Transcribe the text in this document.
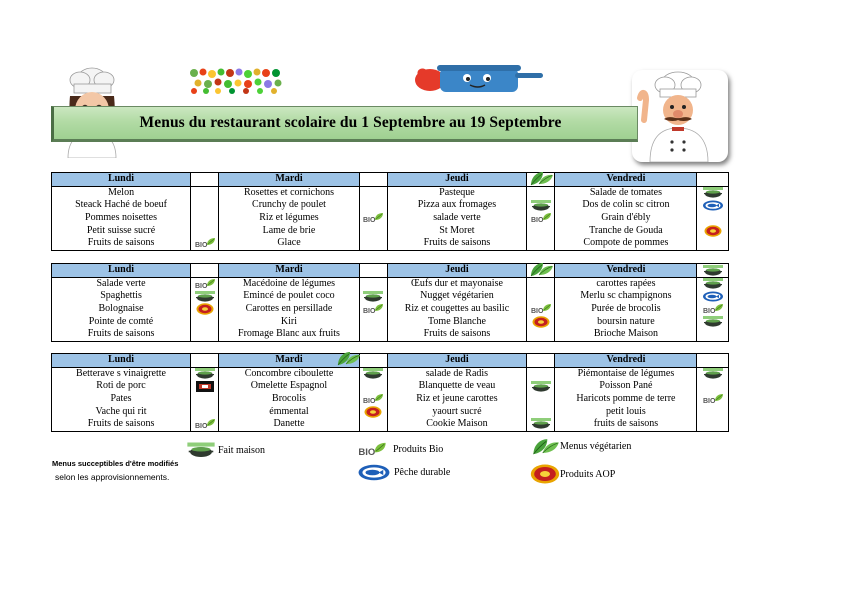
Menus du restaurant scolaire du 1 Septembre au 19 Septembre
Lundi		Mardi		Jeudi		Vendredi	
Melon		Rosettes et cornichons		Pasteque		Salade de tomates	
Steack Haché de boeuf		Crunchy de poulet		Pizza aux fromages		Dos de colin sc citron	
Pommes noisettes		Riz et légumes		salade verte		Grain d'ébly	
Petit suisse sucré		Lame de brie		St Moret		Tranche de Gouda	
Fruits de saisons		Glace		Fruits de saisons		Compote de pommes	
Lundi		Mardi		Jeudi		Vendredi	
Salade verte		Macédoine de légumes		Œufs dur et mayonaise		carottes rapées	
Spaghettis		Emincé de poulet coco		Nugget végétarien		Merlu sc champignons	
Bolognaise		Carottes en persillade		Riz et cougettes au basilic		Purée de brocolis	
Pointe de comté		Kiri		Tome Blanche		boursin nature	
Fruits de saisons		Fromage Blanc aux fruits		Fruits de saisons		Brioche Maison	
Lundi		Mardi		Jeudi		Vendredi	
Betterave s vinaigrette		Concombre ciboulette		salade de Radis		Piémontaise de légumes	
Roti de porc		Omelette Espagnol		Blanquette de veau		Poisson Pané	
Pates		Brocolis		Riz et jeune carottes		Haricots pomme de terre	
Vache qui rit		émmental		yaourt sucré		petit louis	
Fruits de saisons		Danette		Cookie Maison		fruits de saisons	
Fait maison	Produits Bio	Menus végétarien
Pêche durable	Produits AOP
Menus succeptibles d'être modifiés
selon les approvisionnements.
